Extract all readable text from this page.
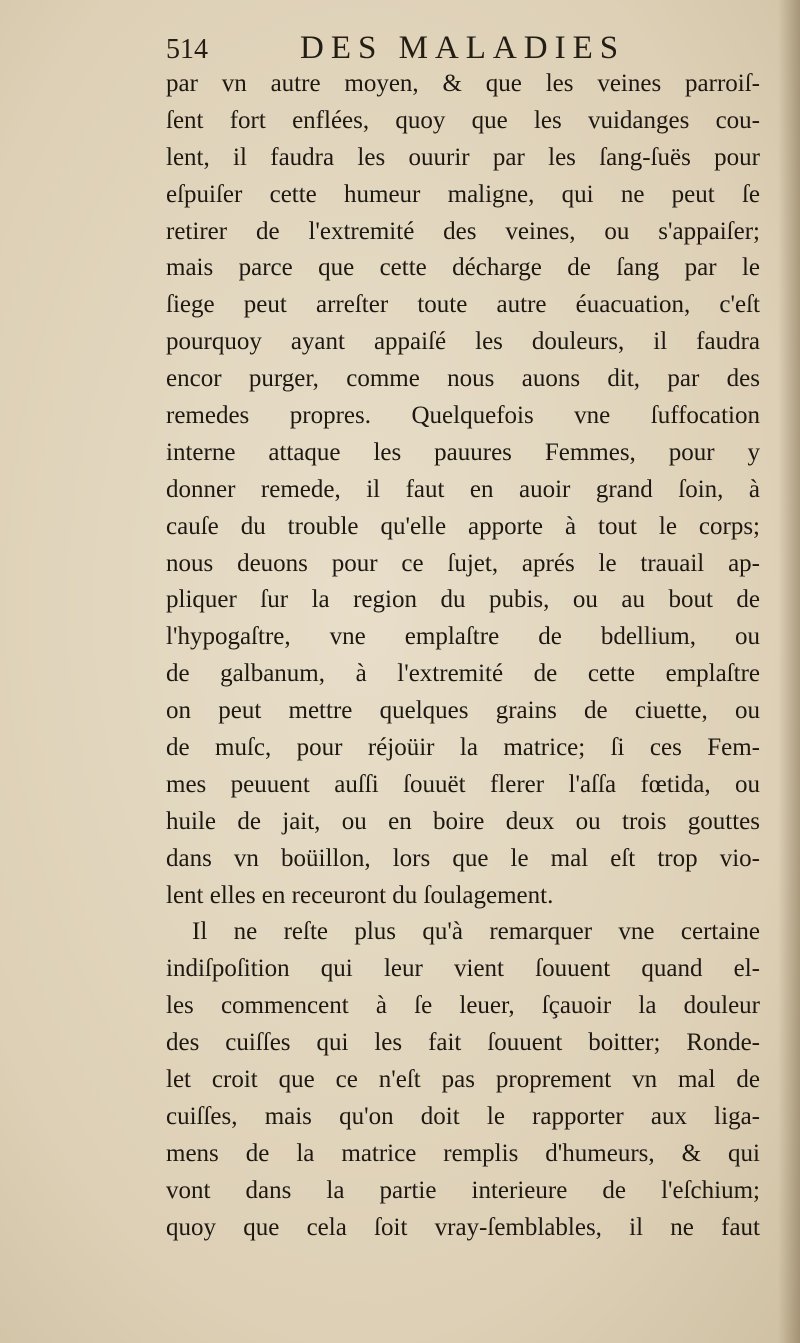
514	DES MALADIES
par vn autre moyen, & que les veines parroiſ-
ſent fort enflées, quoy que les vuidanges cou-
lent, il faudra les ouurir par les ſang-ſuës pour
eſpuiſer cette humeur maligne, qui ne peut ſe
retirer de l'extremité des veines, ou s'appaiſer;
mais parce que cette décharge de ſang par le
ſiege peut arreſter toute autre éuacuation, c'eſt
pourquoy ayant appaiſé les douleurs, il faudra
encor purger, comme nous auons dit, par des
remedes propres. Quelquefois vne ſuffocation
interne attaque les pauures Femmes, pour y
donner remede, il faut en auoir grand ſoin, à
cauſe du trouble qu'elle apporte à tout le corps;
nous deuons pour ce ſujet, aprés le trauail ap-
pliquer ſur la region du pubis, ou au bout de
l'hypogaſtre, vne emplaſtre de bdellium, ou
de galbanum, à l'extremité de cette emplaſtre
on peut mettre quelques grains de ciuette, ou
de muſc, pour réjoüir la matrice; ſi ces Fem-
mes peuuent auſſi ſouuët flerer l'aſſa fœtida, ou
huile de jait, ou en boire deux ou trois gouttes
dans vn boüillon, lors que le mal eſt trop vio-
lent elles en receuront du ſoulagement.
Il ne reſte plus qu'à remarquer vne certaine
indiſpoſition qui leur vient ſouuent quand el-
les commencent à ſe leuer, ſçauoir la douleur
des cuiſſes qui les fait ſouuent boitter; Ronde-
let croit que ce n'eſt pas proprement vn mal de
cuiſſes, mais qu'on doit le rapporter aux liga-
mens de la matrice remplis d'humeurs, & qui
vont dans la partie interieure de l'eſchium;
quoy que cela ſoit vray-ſemblables, il ne faut
